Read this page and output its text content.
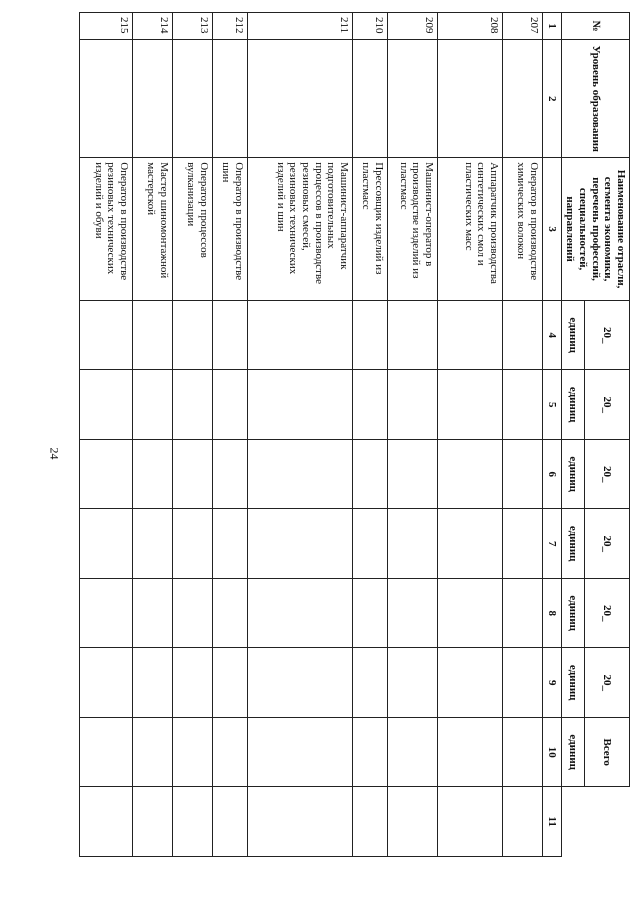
24
№	Уровень образования	Наименование отрасли, сегмента экономики, перечень профессий, специальностей, направлений	20_	20_	20_	20_	20_	20_	Всего	
			единиц	единиц	единиц	единиц	единиц	единиц	единиц	
1	2	3	4	5	6	7	8	9	10	11
207		Оператор в производстве химических волокон								
208		Аппаратчик производства синтетических смол и пластических масс								
209		Машинист-оператор в производстве изделий из пластмасс								
210		Прессовщик изделий из пластмасс								
211		Машинист-аппаратчик подготовительных процессов в производстве резиновых смесей, резиновых технических изделий и шин								
212		Оператор в производстве шин								
213		Оператор процессов вулканизации								
214		Мастер шиномонтажной мастерской								
215		Оператор в производстве резиновых технических изделий и обуви								
